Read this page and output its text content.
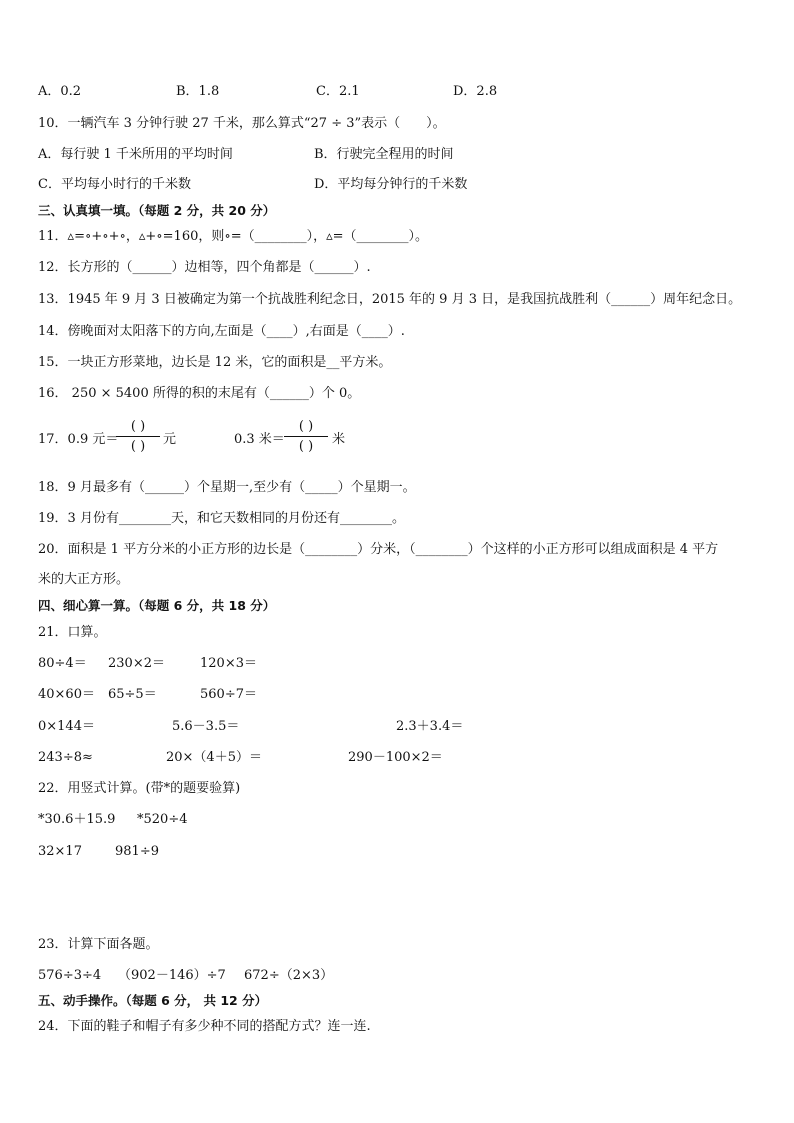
A．0.2	B．1.8	C．2.1	D．2.8
10．一辆汽车 3 分钟行驶 27 千米，那么算式“27 ÷ 3”表示（　　）。
A．每行驶 1 千米所用的平均时间	B．行驶完全程用的时间
C．平均每小时行的千米数	D．平均每分钟行的千米数
三、认真填一填。（每题 2 分，共 20 分）
11．▵=∘+∘+∘，▵+∘=160，则∘=（________），▵=（________）。
12．长方形的（______）边相等，四个角都是（______）.
13．1945 年 9 月 3 日被确定为第一个抗战胜利纪念日，2015 年的 9 月 3 日，是我国抗战胜利（______）周年纪念日。
14．傍晚面对太阳落下的方向,左面是（____）,右面是（____）.
15．一块正方形菜地，边长是 12 米，它的面积是__平方米。
16． 250 × 5400 所得的积的末尾有（______）个 0。
17．0.9 元＝
( )
( ) 元	0.3 米＝
( )
( ) 米
18．9 月最多有（______）个星期一,至少有（_____）个星期一。
19．3 月份有________天，和它天数相同的月份还有________。
20．面积是 1 平方分米的小正方形的边长是（________）分米，（________）个这样的小正方形可以组成面积是 4 平方
米的大正方形。
四、细心算一算。（每题 6 分，共 18 分）
21．口算。
80÷4＝ 230×2＝	120×3＝
40×60＝ 65÷5＝	560÷7＝
0×144＝	5.6－3.5＝	2.3＋3.4＝
243÷8≈	20×（4＋5）＝	290－100×2＝
22．用竖式计算。(带*的题要验算)
*30.6＋15.9 *520÷4
32×17	981÷9
23．计算下面各题。
576÷3÷4 （902－146）÷7 672÷（2×3）
五、动手操作。（每题 6 分， 共 12 分）
24．下面的鞋子和帽子有多少种不同的搭配方式？连一连.
